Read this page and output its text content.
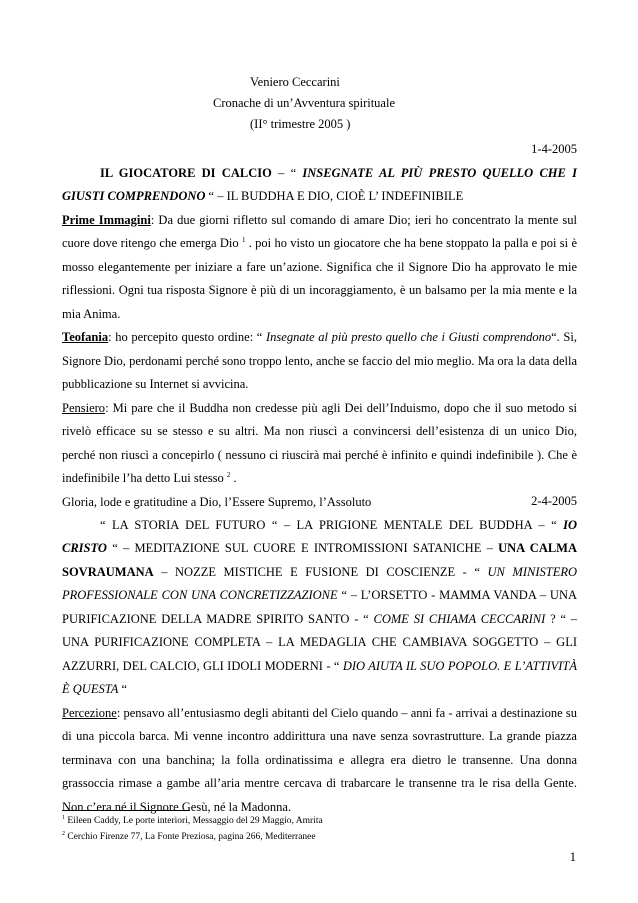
Veniero Ceccarini
Cronache di un’Avventura spirituale
(II° trimestre 2005 )
1-4-2005
IL GIOCATORE DI CALCIO – “ INSEGNATE AL PIÙ PRESTO QUELLO CHE I GIUSTI COMPRENDONO “ – IL BUDDHA E DIO, CIOÈ L’ INDEFINIBILE
Prime Immagini: Da due giorni rifletto sul comando di amare Dio; ieri ho concentrato la mente sul cuore dove ritengo che emerga Dio $^1$ . poi ho visto un giocatore che ha bene stoppato la palla e poi si è mosso elegantemente per iniziare a fare un’azione. Significa che il Signore Dio ha approvato le mie riflessioni. Ogni tua risposta Signore è più di un incoraggiamento, è un balsamo per la mia mente e la mia Anima.
Teofania: ho percepito questo ordine: “ Insegnate al più presto quello che i Giusti comprendono“. Sì, Signore Dio, perdonami perché sono troppo lento, anche se faccio del mio meglio. Ma ora la data della pubblicazione su Internet si avvicina.
Pensiero: Mi pare che il Buddha non credesse più agli Dei dell’Induismo, dopo che il suo metodo si rivelò efficace su se stesso e su altri. Ma non riuscì a convincersi dell’esistenza di un unico Dio, perché non riuscì a concepirlo ( nessuno ci riuscirà mai perché è infinito e quindi indefinibile ). Che è indefinibile l’ha detto Lui stesso $^2$ .
Gloria, lode e gratitudine a Dio, l’Essere Supremo, l’Assoluto	2-4-2005
“ LA STORIA DEL FUTURO “ – LA PRIGIONE MENTALE DEL BUDDHA – “ IO CRISTO “ – MEDITAZIONE SUL CUORE E INTROMISSIONI SATANICHE – UNA CALMA SOVRAUMANA – NOZZE MISTICHE E FUSIONE DI COSCIENZE - “ UN MINISTERO PROFESSIONALE CON UNA CONCRETIZZAZIONE “ – L’ORSETTO - MAMMA VANDA – UNA PURIFICAZIONE DELLA MADRE SPIRITO SANTO - “ COME SI CHIAMA CECCARINI ? “ – UNA PURIFICAZIONE COMPLETA – LA MEDAGLIA CHE CAMBIAVA SOGGETTO – GLI AZZURRI, DEL CALCIO, GLI IDOLI MODERNI - “ DIO AIUTA IL SUO POPOLO. E L’ATTIVITÀ È QUESTA “
Percezione: pensavo all’entusiasmo degli abitanti del Cielo quando – anni fa - arrivai a destinazione su di una piccola barca. Mi venne incontro addirittura una nave senza sovrastrutture. La grande piazza terminava con una banchina; la folla ordinatissima e allegra era dietro le transenne. Una donna grassoccia rimase a gambe all’aria mentre cercava di trabarcare le transenne tra le risa della Gente. Non c’era né il Signore Gesù, né la Madonna.
$^1$ Eileen Caddy, Le porte interiori, Messaggio del 29 Maggio, Amrita
$^2$ Cerchio Firenze 77, La Fonte Preziosa, pagina 266, Mediterranee
1
